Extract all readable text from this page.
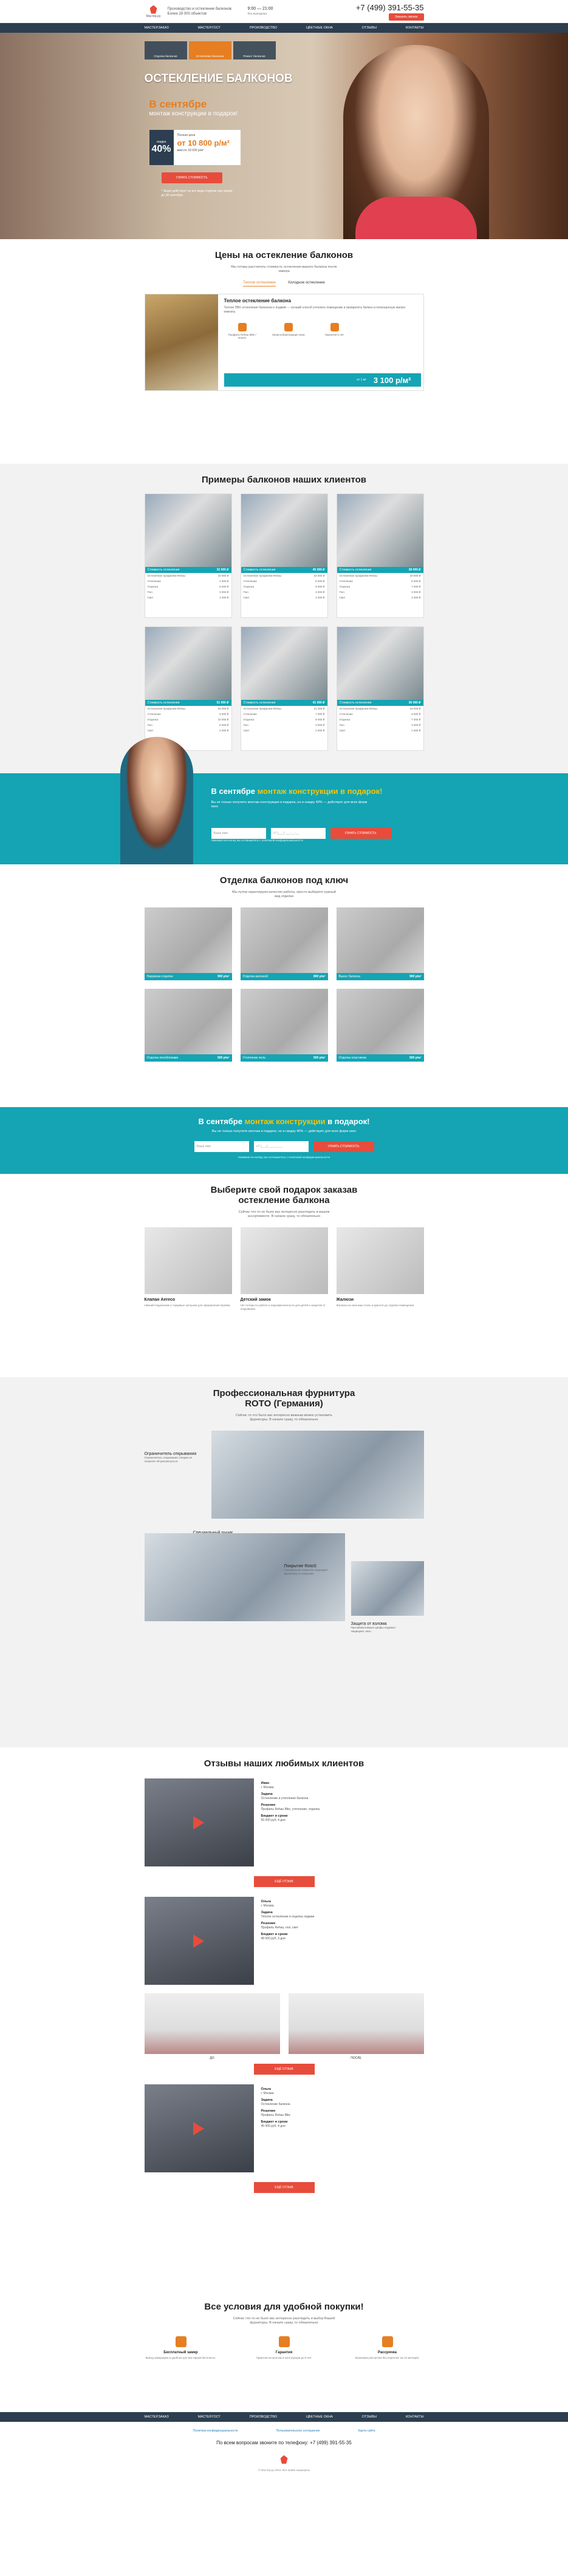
Мастер.ру
Производство и остекление балконов. Более 28 000 объектов
9:00 — 21:00
без выходных
+7 (499) 391-55-35
Заказать звонок
МАСТЕР.ЗАКАЗ	МАСТЕР.ГОСТ	ПРОИЗВОДСТВО	ЦВЕТНЫЕ ОКНА	ОТЗЫВЫ	КОНТАКТЫ
Отделка балконов	Остекление балконов	Ремонт балконов
ОСТЕКЛЕНИЕ БАЛКОНОВ
В сентябре
монтаж конструкции в подарок!
скидка
40%
Полная цена
от 10 800 р/м²
вместо 18 000 р/м²
УЗНАТЬ СТОИМОСТЬ
* Акция действует на все виды отделки при заказе до 30 сентября
Цены на остекление балконов
Мы готовы рассчитать стоимость остекления вашего балкона после замера
Теплое остекление	Холодное остекление
Теплое остекление балкона

Теплое ПВХ остекление балконов и лоджий — лучший способ утеплить помещение и превратить балкон в полноценную жилую комнату.

Профиль Rehau Blitz / Grazio
Энергосберегающие окна	Гарантия 5 лет
от 1 м² 3 100 р/м²
Примеры балконов наших клиентов
Стоимость остекления	32 000 ₽
Остекление профилем Rehau	18 000 ₽
Утепление	4 000 ₽
Отделка	6 000 ₽
Пол	3 000 ₽
Свет	1 000 ₽
Стоимость остекления	45 000 ₽
Остекление профилем Rehau	22 000 ₽
Утепление	8 000 ₽
Отделка	9 000 ₽
Пол	4 000 ₽
Свет	2 000 ₽
Стоимость остекления	38 000 ₽
Остекление профилем Rehau	20 000 ₽
Утепление	6 000 ₽
Отделка	7 000 ₽
Пол	3 000 ₽
Свет	2 000 ₽
Стоимость остекления	51 000 ₽
Остекление профилем Rehau	25 000 ₽
Утепление	9 000 ₽
Отделка	10 000 ₽
Пол	5 000 ₽
Свет	2 000 ₽
Стоимость остекления	41 000 ₽
Остекление профилем Rehau	21 000 ₽
Утепление	7 000 ₽
Отделка	8 000 ₽
Пол	3 000 ₽
Свет	2 000 ₽
Стоимость остекления	36 000 ₽
Остекление профилем Rehau	19 000 ₽
Утепление	6 000 ₽
Отделка	7 000 ₽
Пол	3 000 ₽
Свет	1 000 ₽
В сентябре монтаж конструкции в подарок!
Вы не только получите монтаж конструкции в подарок, но и скидку 40% — действует для всех форм окон
Ваше имя	+7 (___) ___-__-__	УЗНАТЬ СТОИМОСТЬ
Нажимая на кнопку, вы соглашаетесь с политикой конфиденциальности
Отделка балконов под ключ
Мы путем гарантируем качество работы, просто выберите нужный вид отделки
Наружная отделка	900 р/м²	Отделка вагонкой	800 р/м²	Вынос балкона	900 р/м²
Отделка пеноблоками	900 р/м²	Утепление пола	900 р/м²	Отделка пластиком	900 р/м²
В сентябре монтаж конструкции в подарок!
Вы не только получите монтаж в подарок, но и скидку 40% — действует для всех форм окон
Ваше имя	+7 (___) ___-__-__	УЗНАТЬ СТОИМОСТЬ
Нажимая на кнопку, вы соглашаетесь с политикой конфиденциальности
Выберите свой подарок заказав остекление балкона
Сейчас что-то не было вас интересно разглядеть в вашем ассортименте. В начале сразу, то обязательно
Клапан Aereco

Нижний подоконник и торцевые заглушки для оформления проёма.

Детский замок

Нет потери по работе и недозамоченности для детей и защитой от открывания.

Жалюзи

Жалюзи на окна ваш стиль и красота до отделки помещения.

Профессиональная фурнитура ROTO (Германия)
Сейчас то что было вас интересно важным можно установить фурнитуры. В начале сразу, то обязательно
Ограничитель открывания
Ограничитель открывания створки не позволит ей распахнуться.
Покрытие RotoS
Специальное покрытие защищает фурнитуру от коррозии.
Защита от взлома
Противовзломные цапфы надёжно защищают окно.
Отзывы наших любимых клиентов
Иван
г. Москва
Задача
Остекление и утепление балкона
Решение
Профиль Rehau Blitz, утепление, отделка
Бюджет и сроки
56 000 руб, 4 дня
ЕЩЁ ОТЗЫВ
Ольга
г. Москва
Задача
Тёплое остекление и отделка лоджии
Решение
Профиль Rehau, пол, свет
Бюджет и сроки
48 000 руб, 3 дня
ДО	ПОСЛЕ
ЕЩЁ ОТЗЫВ
Ольга
г. Москва
Задача
Остекление балкона
Решение
Профиль Rehau Blitz
Бюджет и сроки
45 000 руб, 4 дня
ЕЩЁ ОТЗЫВ
Все условия для удобной покупки!
Сейчас что-то не было вас интересно разглядеть и выбор Вашей фурнитуры. В начале сразу, то обязательно
Бесплатный замер

Выезд замерщика в удобное для вас время бесплатно.

Гарантия

Гарантия на монтаж и конструкции до 5 лет.

Рассрочка

Возможна рассрочка без переплат на 12 месяцев.

МАСТЕР.ЗАКАЗ	МАСТЕР.ГОСТ	ПРОИЗВОДСТВО	ЦВЕТНЫЕ ОКНА	ОТЗЫВЫ	КОНТАКТЫ
Политика конфиденциальности	Пользовательское соглашение	Карта сайта
По всем вопросам звоните по телефону: +7 (499) 391-55-35
© Мастер.ру 2016. Все права защищены
